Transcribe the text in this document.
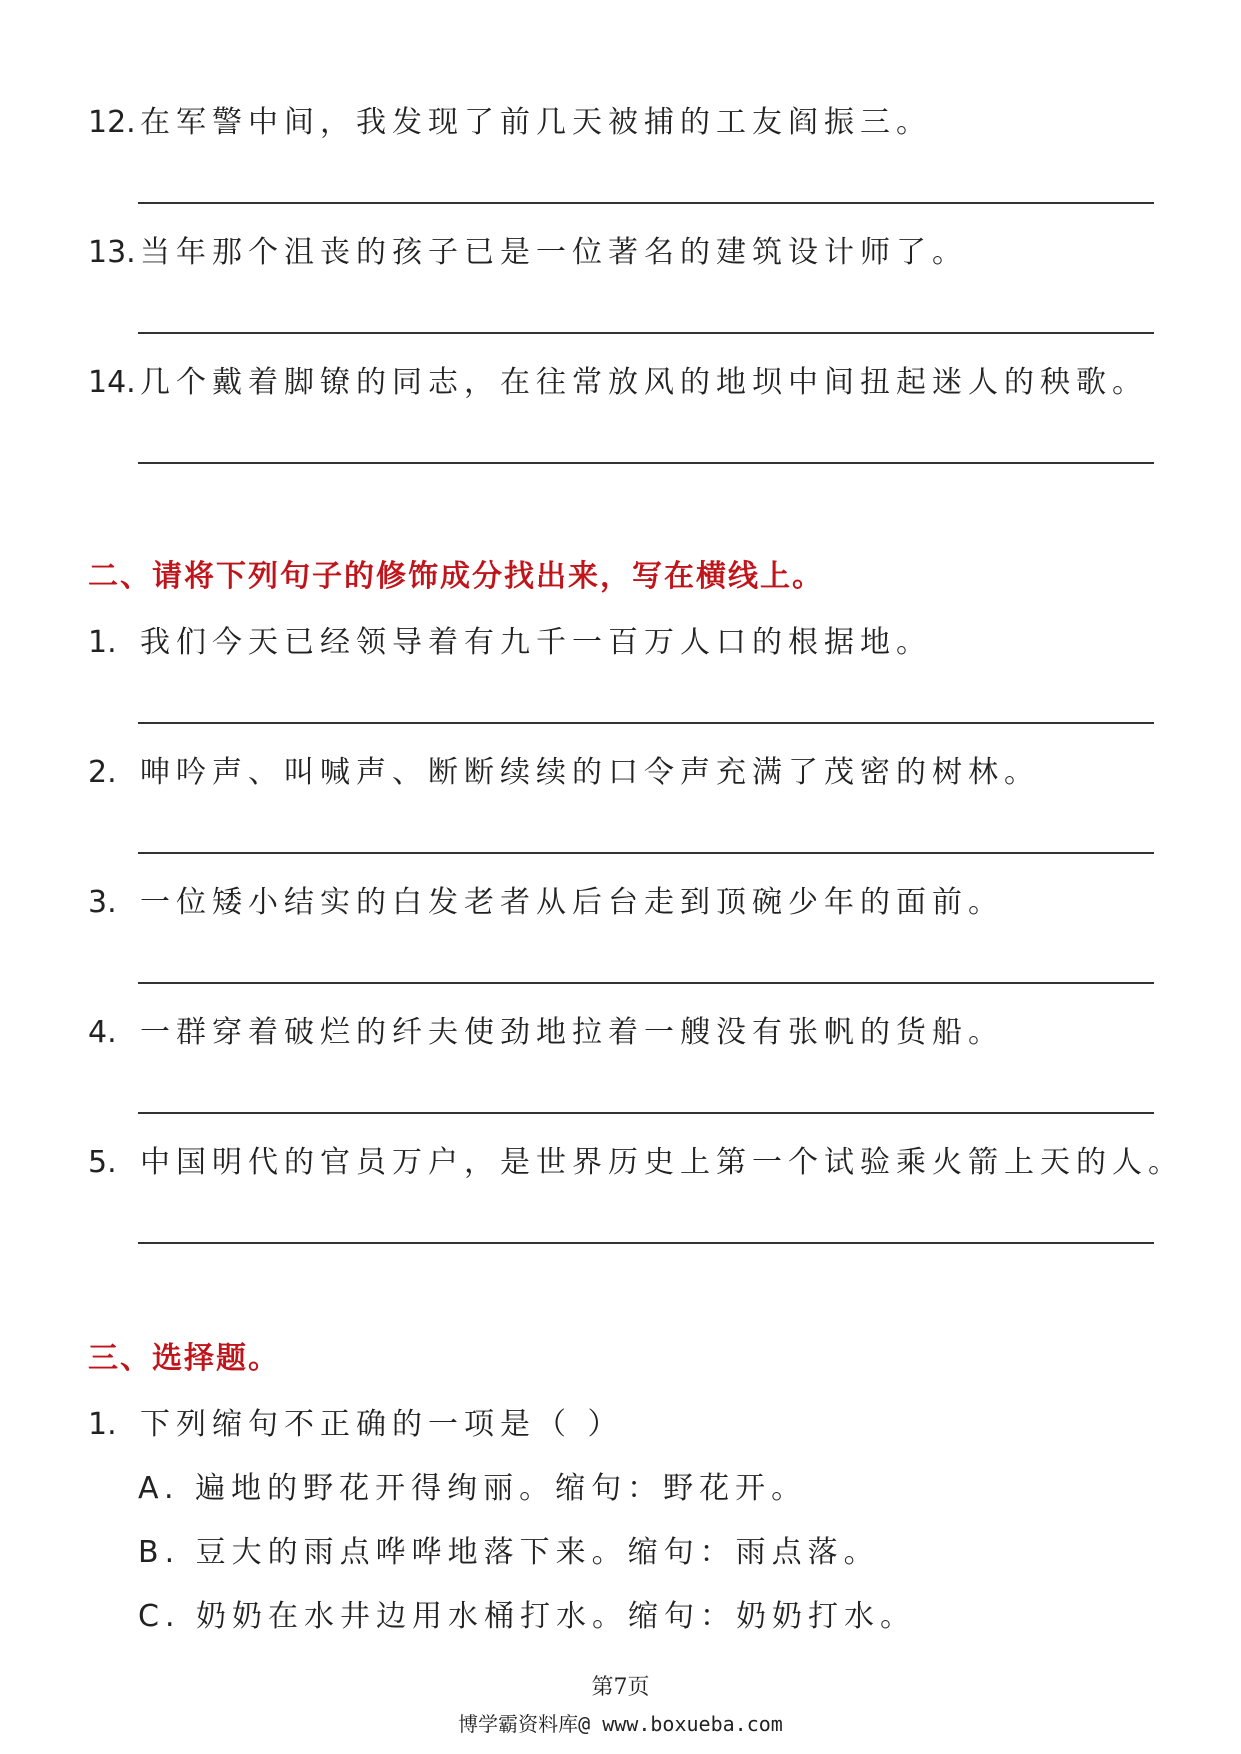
12. 在军警中间，我发现了前几天被捕的工友阎振三。
13. 当年那个沮丧的孩子已是一位著名的建筑设计师了。
14. 几个戴着脚镣的同志，在往常放风的地坝中间扭起迷人的秧歌。
二、请将下列句子的修饰成分找出来，写在横线上。
1. 我们今天已经领导着有九千一百万人口的根据地。
2. 呻吟声、叫喊声、断断续续的口令声充满了茂密的树林。
3. 一位矮小结实的白发老者从后台走到顶碗少年的面前。
4. 一群穿着破烂的纤夫使劲地拉着一艘没有张帆的货船。
5. 中国明代的官员万户，是世界历史上第一个试验乘火箭上天的人。
三、选择题。
1. 下列缩句不正确的一项是（ ）
A. 遍地的野花开得绚丽。缩句：野花开。
B. 豆大的雨点哗哗地落下来。缩句：雨点落。
C. 奶奶在水井边用水桶打水。缩句：奶奶打水。
第7页
博学霸资料库@ www.boxueba.com
